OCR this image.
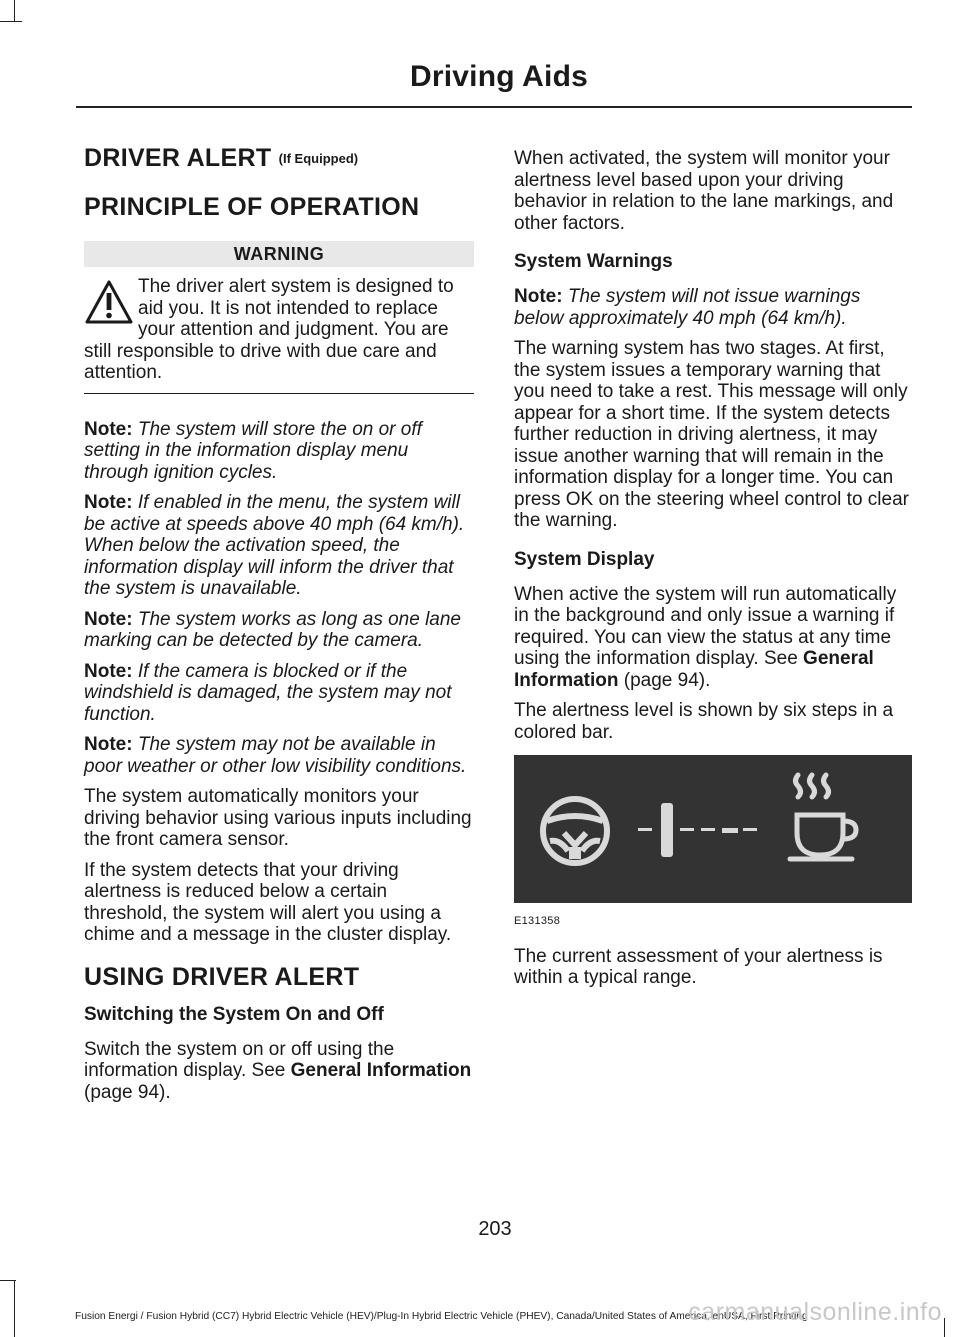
Driving Aids
DRIVER ALERT (If Equipped)
PRINCIPLE OF OPERATION
WARNING
The driver alert system is designed to aid you. It is not intended to replace your attention and judgment. You are still responsible to drive with due care and attention.

Note: The system will store the on or off setting in the information display menu through ignition cycles.

Note: If enabled in the menu, the system will be active at speeds above 40 mph (64 km/h). When below the activation speed, the information display will inform the driver that the system is unavailable.

Note: The system works as long as one lane marking can be detected by the camera.

Note: If the camera is blocked or if the windshield is damaged, the system may not function.

Note: The system may not be available in poor weather or other low visibility conditions.

The system automatically monitors your driving behavior using various inputs including the front camera sensor.

If the system detects that your driving alertness is reduced below a certain threshold, the system will alert you using a chime and a message in the cluster display.

USING DRIVER ALERT
Switching the System On and Off

Switch the system on or off using the information display. See General Information (page 94).

When activated, the system will monitor your alertness level based upon your driving behavior in relation to the lane markings, and other factors.

System Warnings

Note: The system will not issue warnings below approximately 40 mph (64 km/h).

The warning system has two stages. At first, the system issues a temporary warning that you need to take a rest. This message will only appear for a short time. If the system detects further reduction in driving alertness, it may issue another warning that will remain in the information display for a longer time. You can press OK on the steering wheel control to clear the warning.

System Display

When active the system will run automatically in the background and only issue a warning if required. You can view the status at any time using the information display. See General Information (page 94).

The alertness level is shown by six steps in a colored bar.

E131358

The current assessment of your alertness is within a typical range.

203
Fusion Energi / Fusion Hybrid (CC7) Hybrid Electric Vehicle (HEV)/Plug-In Hybrid Electric Vehicle (PHEV), Canada/United States of America, enUSA, First Printing
carmanualsonline.info
